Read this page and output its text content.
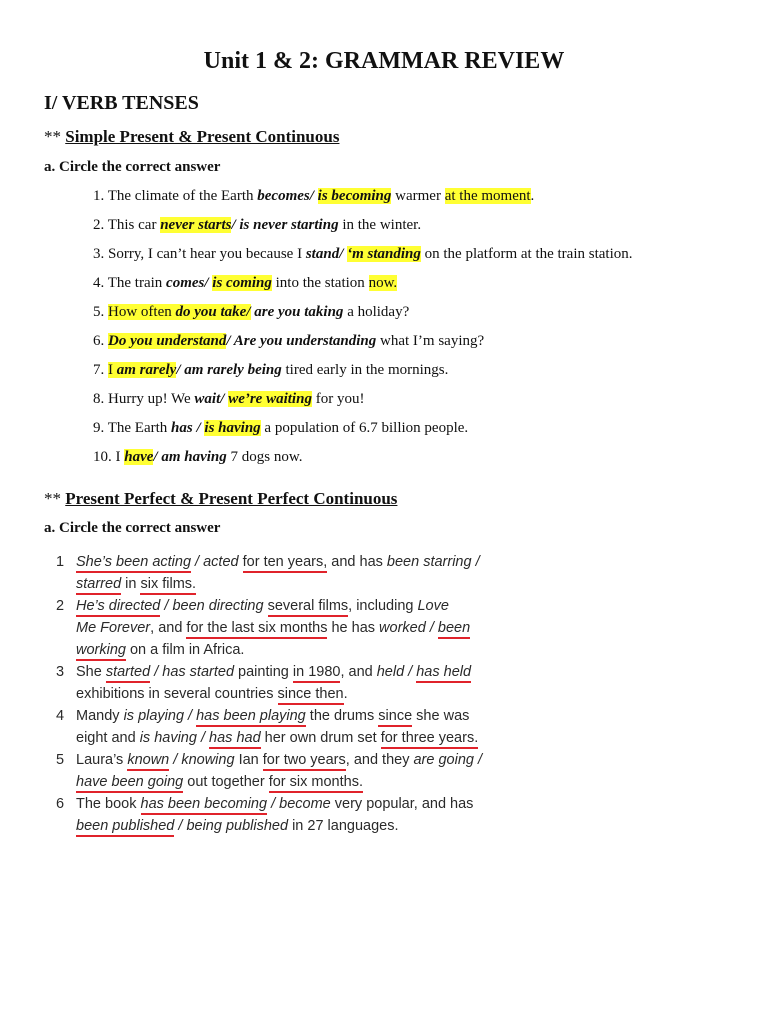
Unit 1 & 2: GRAMMAR REVIEW
I/ VERB TENSES
** Simple Present & Present Continuous
a. Circle the correct answer
1. The climate of the Earth becomes/ is becoming warmer at the moment.
2. This car never starts/ is never starting in the winter.
3. Sorry, I can’t hear you because I stand/ ‘m standing on the platform at the train station.
4. The train comes/ is coming into the station now.
5. How often do you take/ are you taking a holiday?
6. Do you understand/ Are you understanding what I’m saying?
7. I am rarely/ am rarely being tired early in the mornings.
8. Hurry up! We wait/ we’re waiting for you!
9. The Earth has / is having a population of 6.7 billion people.
10. I have/ am having 7 dogs now.
** Present Perfect & Present Perfect Continuous
a. Circle the correct answer
1 She’s been acting / acted for ten years, and has been starring /
starred in six films.
2 He’s directed / been directing several films, including Love
Me Forever, and for the last six months he has worked / been
working on a film in Africa.
3 She started / has started painting in 1980, and held / has held
exhibitions in several countries since then.
4 Mandy is playing / has been playing the drums since she was
eight and is having / has had her own drum set for three years.
5 Laura’s known / knowing Ian for two years, and they are going /
have been going out together for six months.
6 The book has been becoming / become very popular, and has
been published / being published in 27 languages.
